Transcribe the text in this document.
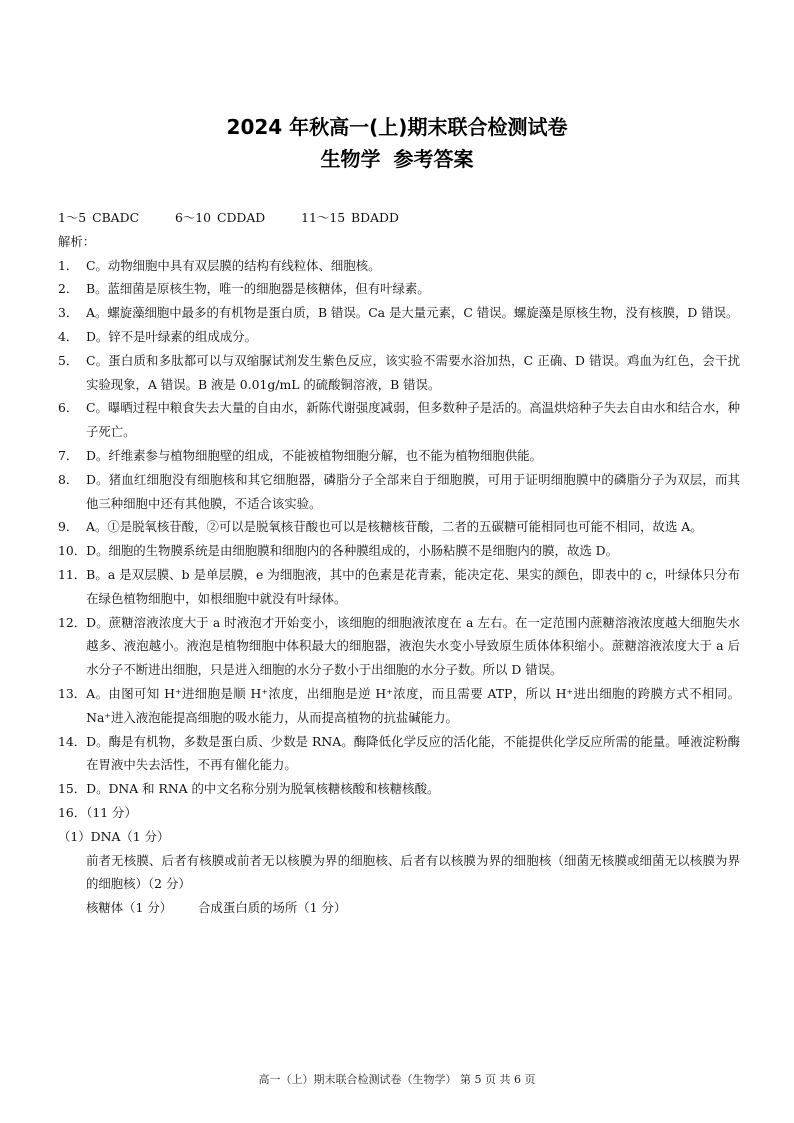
2024 年秋高一(上)期末联合检测试卷
生物学 参考答案
1～5 CBADC	6～10 CDDAD	11～15 BDADD
解析：
1． C。动物细胞中具有双层膜的结构有线粒体、细胞核。
2． B。蓝细菌是原核生物，唯一的细胞器是核糖体，但有叶绿素。
3． A。螺旋藻细胞中最多的有机物是蛋白质，B 错误。Ca 是大量元素，C 错误。螺旋藻是原核生物，没有核膜，D 错误。
4． D。锌不是叶绿素的组成成分。
5． C。蛋白质和多肽都可以与双缩脲试剂发生紫色反应，该实验不需要水浴加热，C 正确、D 错误。鸡血为红色，会干扰实验现象，A 错误。B 液是 0.01g/mL 的硫酸铜溶液，B 错误。
6． C。曝晒过程中粮食失去大量的自由水，新陈代谢强度减弱，但多数种子是活的。高温烘焙种子失去自由水和结合水，种子死亡。
7． D。纤维素参与植物细胞壁的组成，不能被植物细胞分解，也不能为植物细胞供能。
8． D。猪血红细胞没有细胞核和其它细胞器，磷脂分子全部来自于细胞膜，可用于证明细胞膜中的磷脂分子为双层，而其他三种细胞中还有其他膜，不适合该实验。
9． A。①是脱氧核苷酸，②可以是脱氧核苷酸也可以是核糖核苷酸，二者的五碳糖可能相同也可能不相同，故选 A。
10． D。细胞的生物膜系统是由细胞膜和细胞内的各种膜组成的，小肠粘膜不是细胞内的膜，故选 D。
11． B。a 是双层膜、b 是单层膜，e 为细胞液，其中的色素是花青素，能决定花、果实的颜色，即表中的 c，叶绿体只分布在绿色植物细胞中，如根细胞中就没有叶绿体。
12． D。蔗糖溶液浓度大于 a 时液泡才开始变小，该细胞的细胞液浓度在 a 左右。在一定范围内蔗糖溶液浓度越大细胞失水越多、液泡越小。液泡是植物细胞中体积最大的细胞器，液泡失水变小导致原生质体体积缩小。蔗糖溶液浓度大于 a 后水分子不断进出细胞，只是进入细胞的水分子数小于出细胞的水分子数。所以 D 错误。
13． A。由图可知 H⁺进细胞是顺 H⁺浓度，出细胞是逆 H⁺浓度，而且需要 ATP，所以 H⁺进出细胞的跨膜方式不相同。Na⁺进入液泡能提高细胞的吸水能力，从而提高植物的抗盐碱能力。
14． D。酶是有机物，多数是蛋白质、少数是 RNA。酶降低化学反应的活化能，不能提供化学反应所需的能量。唾液淀粉酶在胃液中失去活性，不再有催化能力。
15． D。DNA 和 RNA 的中文名称分别为脱氧核糖核酸和核糖核酸。
16．（11 分）
（1）DNA（1 分）
前者无核膜、后者有核膜或前者无以核膜为界的细胞核、后者有以核膜为界的细胞核（细菌无核膜或细菌无以核膜为界的细胞核）（2 分）
核糖体（1 分） 合成蛋白质的场所（1 分）
高一（上）期末联合检测试卷（生物学） 第 5 页 共 6 页
